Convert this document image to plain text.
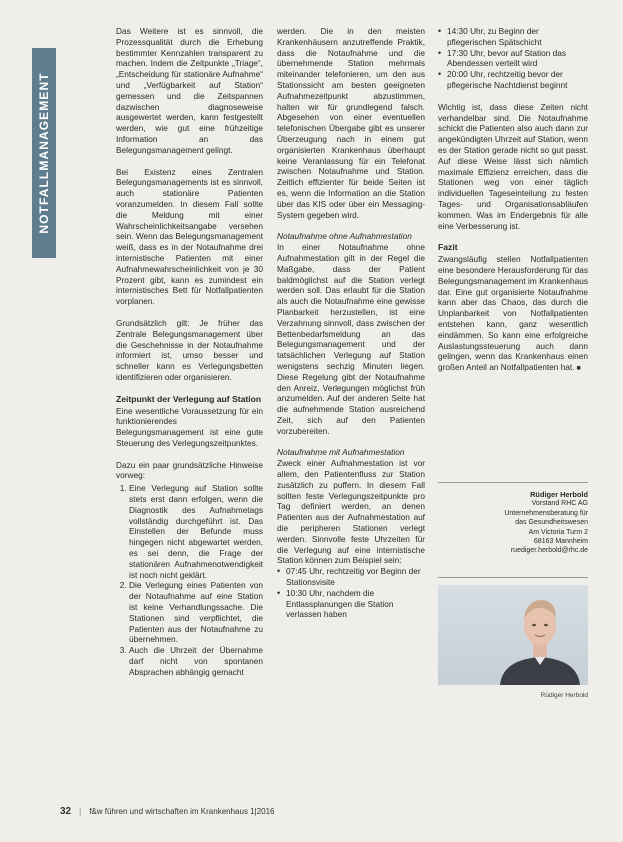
NOTFALLMANAGEMENT

Das Weitere ist es sinnvoll, die Prozessqualität durch die Erhebung bestimmter Kennzahlen transparent zu machen. Indem die Zeitpunkte „Triage“, „Entscheidung für stationäre Aufnahme“ und „Verfügbarkeit auf Station“ gemessen und die Zeitspannen dazwischen diagnoseweise ausgewertet werden, kann festgestellt werden, wie gut eine frühzeitige Information an das Belegungsmanagement gelingt.

Bei Existenz eines Zentralen Belegungsmanagements ist es sinnvoll, auch stationäre Patienten voranzumelden. In diesem Fall sollte die Meldung mit einer Wahrscheinlichkeitsangabe versehen sein. Wenn das Belegungsmanagement weiß, dass es in der Notaufnahme drei internistische Patienten mit einer Aufnahmewahrscheinlichkeit von je 30 Prozent gibt, kann es zumindest ein internistisches Bett für Notfallpatienten vorplanen.

Grundsätzlich gilt: Je früher das Zentrale Belegungsmanagement über die Geschehnisse in der Notaufnahme informiert ist, umso besser und schneller kann es Verlegungsbetten identifizieren oder organisieren.

Zeitpunkt der Verlegung auf Station

Eine wesentliche Voraussetzung für ein funktionierendes Belegungsmanagement ist eine gute Steuerung des Verlegungszeitpunktes.

Dazu ein paar grundsätzliche Hinweise vorweg:

1. Eine Verlegung auf Station sollte stets erst dann erfolgen, wenn die Diagnostik des Aufnahmetags vollständig durchgeführt ist. Das Einstellen der Befunde muss hingegen nicht abgewartet werden, es sei denn, die Frage der stationären Aufnahmenotwendigkeit ist noch nicht geklärt.
2. Die Verlegung eines Patienten von der Notaufnahme auf eine Station ist keine Verhandlungssache. Die Stationen sind verpflichtet, die Patienten aus der Notaufnahme zu übernehmen.
3. Auch die Uhrzeit der Übernahme darf nicht von spontanen Absprachen abhängig gemacht

werden. Die in den meisten Krankenhäusern anzutreffende Praktik, dass die Notaufnahme und die übernehmende Station mehrmals miteinander telefonieren, um den aus Stationssicht am besten geeigneten Aufnahmezeitpunkt abzustimmen, halten wir für grundlegend falsch. Abgesehen von einer eventuellen telefonischen Übergabe gibt es unserer Überzeugung nach in einem gut organisierten Krankenhaus überhaupt keine Veranlassung für ein Telefonat zwischen Notaufnahme und Station. Zeitlich effizienter für beide Seiten ist es, wenn die Information an die Station über das KIS oder über ein Messaging-System gegeben wird.

Notaufnahme ohne Aufnahmestation

In einer Notaufnahme ohne Aufnahmestation gilt in der Regel die Maßgabe, dass der Patient baldmöglichst auf die Station verlegt werden soll. Das erlaubt für die Station als auch die Notaufnahme eine gewisse Planbarkeit herzustellen, ist eine Verzahnung sinnvoll, dass zwischen der Bettenbedarfsmeldung an das Belegungsmanagement und der tatsächlichen Verlegung auf Station wenigstens sechzig Minuten liegen. Diese Regelung gibt der Notaufnahme den Anreiz, Verlegungen möglichst früh anzumelden. Auf der anderen Seite hat die aufnehmende Station ausreichend Zeit, sich auf den Patienten vorzubereiten.

Notaufnahme mit Aufnahmestation

Zweck einer Aufnahmestation ist vor allem, den Patientenfluss zur Station zusätzlich zu puffern. In diesem Fall sollten feste Verlegungszeitpunkte pro Tag definiert werden, an denen Patienten aus der Aufnahmestation auf die peripheren Stationen verlegt werden. Sinnvolle feste Uhrzeiten für die Verlegung auf eine internistische Station können zum Beispiel sein:

• 07:45 Uhr, rechtzeitig vor Beginn der Stationsvisite
• 10:30 Uhr, nachdem die Entlassplanungen die Station verlassen haben
• 14:30 Uhr, zu Beginn der pflegerischen Spätschicht
• 17:30 Uhr, bevor auf Station das Abendessen verteilt wird
• 20:00 Uhr, rechtzeitig bevor der pflegerische Nachtdienst beginnt

Wichtig ist, dass diese Zeiten nicht verhandelbar sind. Die Notaufnahme schickt die Patienten also auch dann zur angekündigten Uhrzeit auf Station, wenn es der Station gerade nicht so gut passt. Auf diese Weise lässt sich nämlich maximale Effizienz erreichen, dass die Stationen weg von einer täglich individuellen Tageseinteilung zu festen Tages- und Organisationsabläufen kommen. Was im Endergebnis für alle eine Verbesserung ist.

Fazit

Zwangsläufig stellen Notfallpatienten eine besondere Herausforderung für das Belegungsmanagement im Krankenhaus dar. Eine gut organisierte Notaufnahme kann aber das Chaos, das durch die Unplanbarkeit von Notfallpatienten entstehen kann, ganz wesentlich eindämmen. So kann eine erfolgreiche Auslastungssteuerung auch dann gelingen, wenn das Krankenhaus einen großen Anteil an Notfallpatienten hat. ■

Rüdiger Herbold
Vorstand RHC AG
Unternehmensberatung für
das Gesundheitswesen
Am Victoria Turm 2
68163 Mannheim
ruediger.herbold@rhc.de
Rüdiger Herbold
32 | f&w führen und wirtschaften im Krankenhaus 1|2016
